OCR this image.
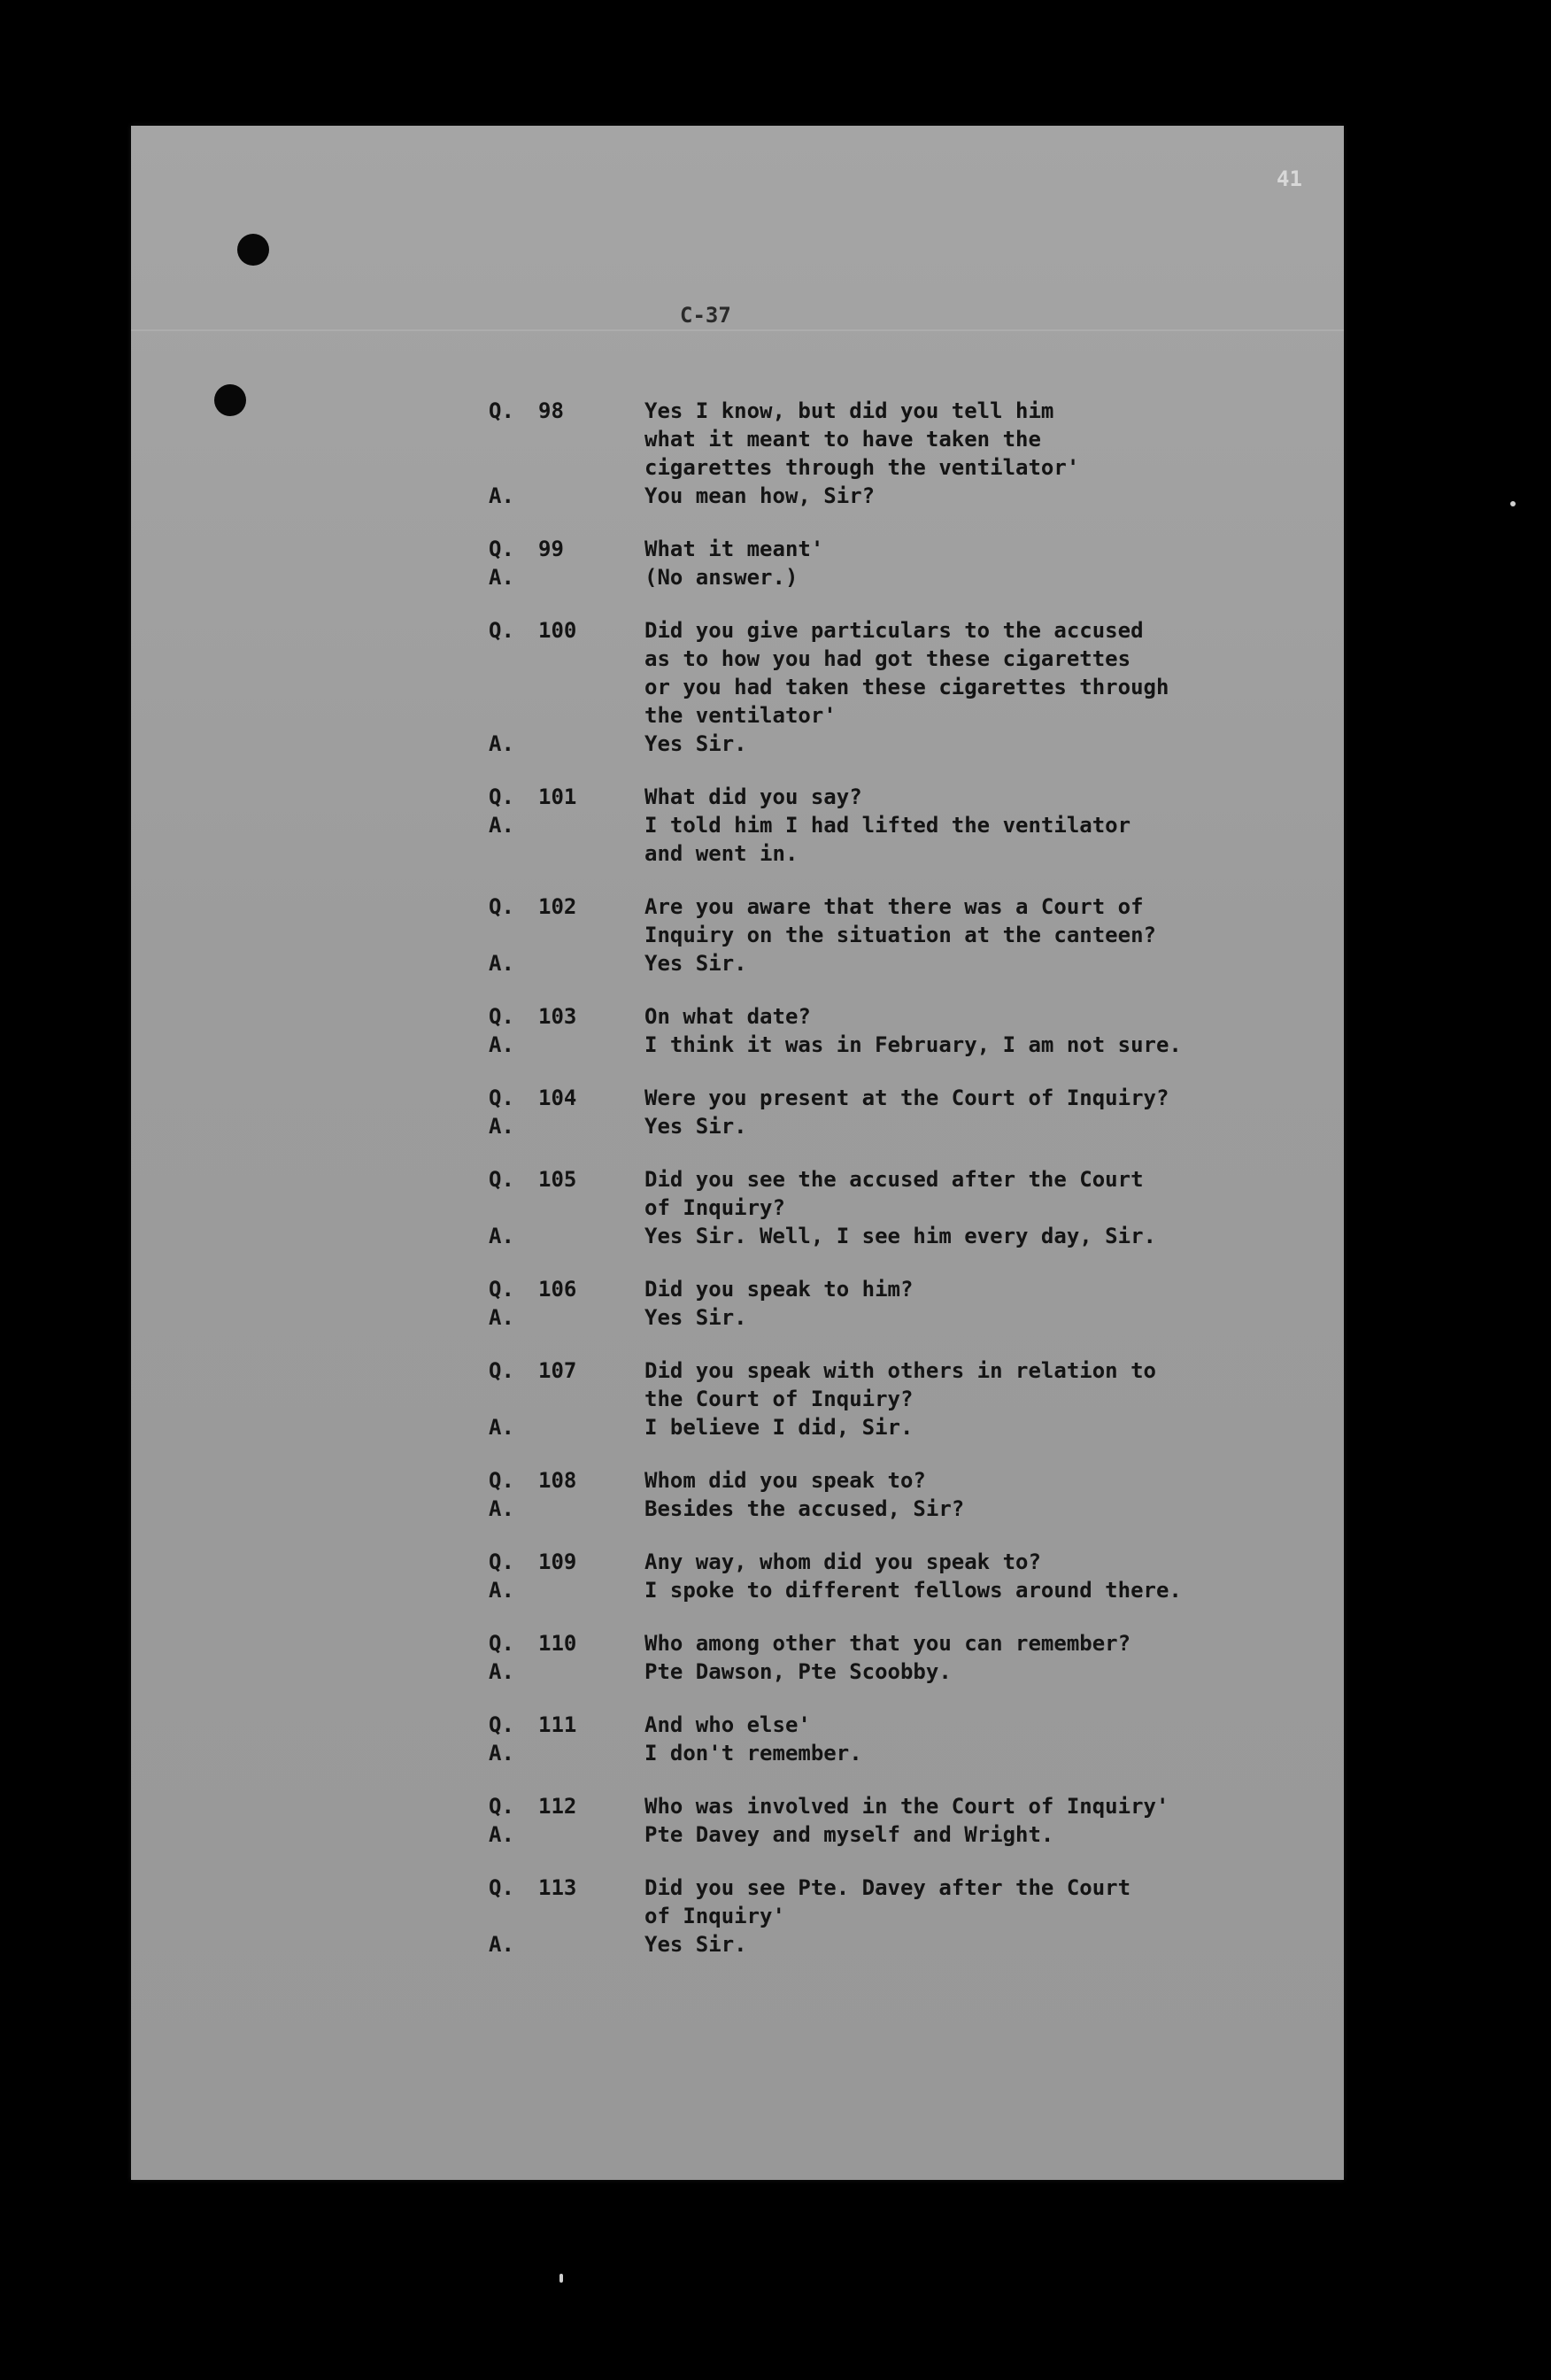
C-37
Q.	98	Yes I know, but did you tell him
what it meant to have taken the
cigarettes through the ventilator'
A.	You mean how, Sir?
Q.	99	What it meant'
A.	(No answer.)
Q.	100	Did you give particulars to the accused
as to how you had got these cigarettes
or you had taken these cigarettes through
the ventilator'
A.	Yes Sir.
Q.	101	What did you say?
A.	I told him I had lifted the ventilator
and went in.
Q.	102	Are you aware that there was a Court of
Inquiry on the situation at the canteen?
A.	Yes Sir.
Q.	103	On what date?
A.	I think it was in February, I am not sure.
Q.	104	Were you present at the Court of Inquiry?
A.	Yes Sir.
Q.	105	Did you see the accused after the Court
of Inquiry?
A.	Yes Sir. Well, I see him every day, Sir.
Q.	106	Did you speak to him?
A.	Yes Sir.
Q.	107	Did you speak with others in relation to
the Court of Inquiry?
A.	I believe I did, Sir.
Q.	108	Whom did you speak to?
A.	Besides the accused, Sir?
Q.	109	Any way, whom did you speak to?
A.	I spoke to different fellows around there.
Q.	110	Who among other that you can remember?
A.	Pte Dawson, Pte Scoobby.
Q.	111	And who else'
A.	I don't remember.
Q.	112	Who was involved in the Court of Inquiry'
A.	Pte Davey and myself and Wright.
Q.	113	Did you see Pte. Davey after the Court
of Inquiry'
A.	Yes Sir.
41
